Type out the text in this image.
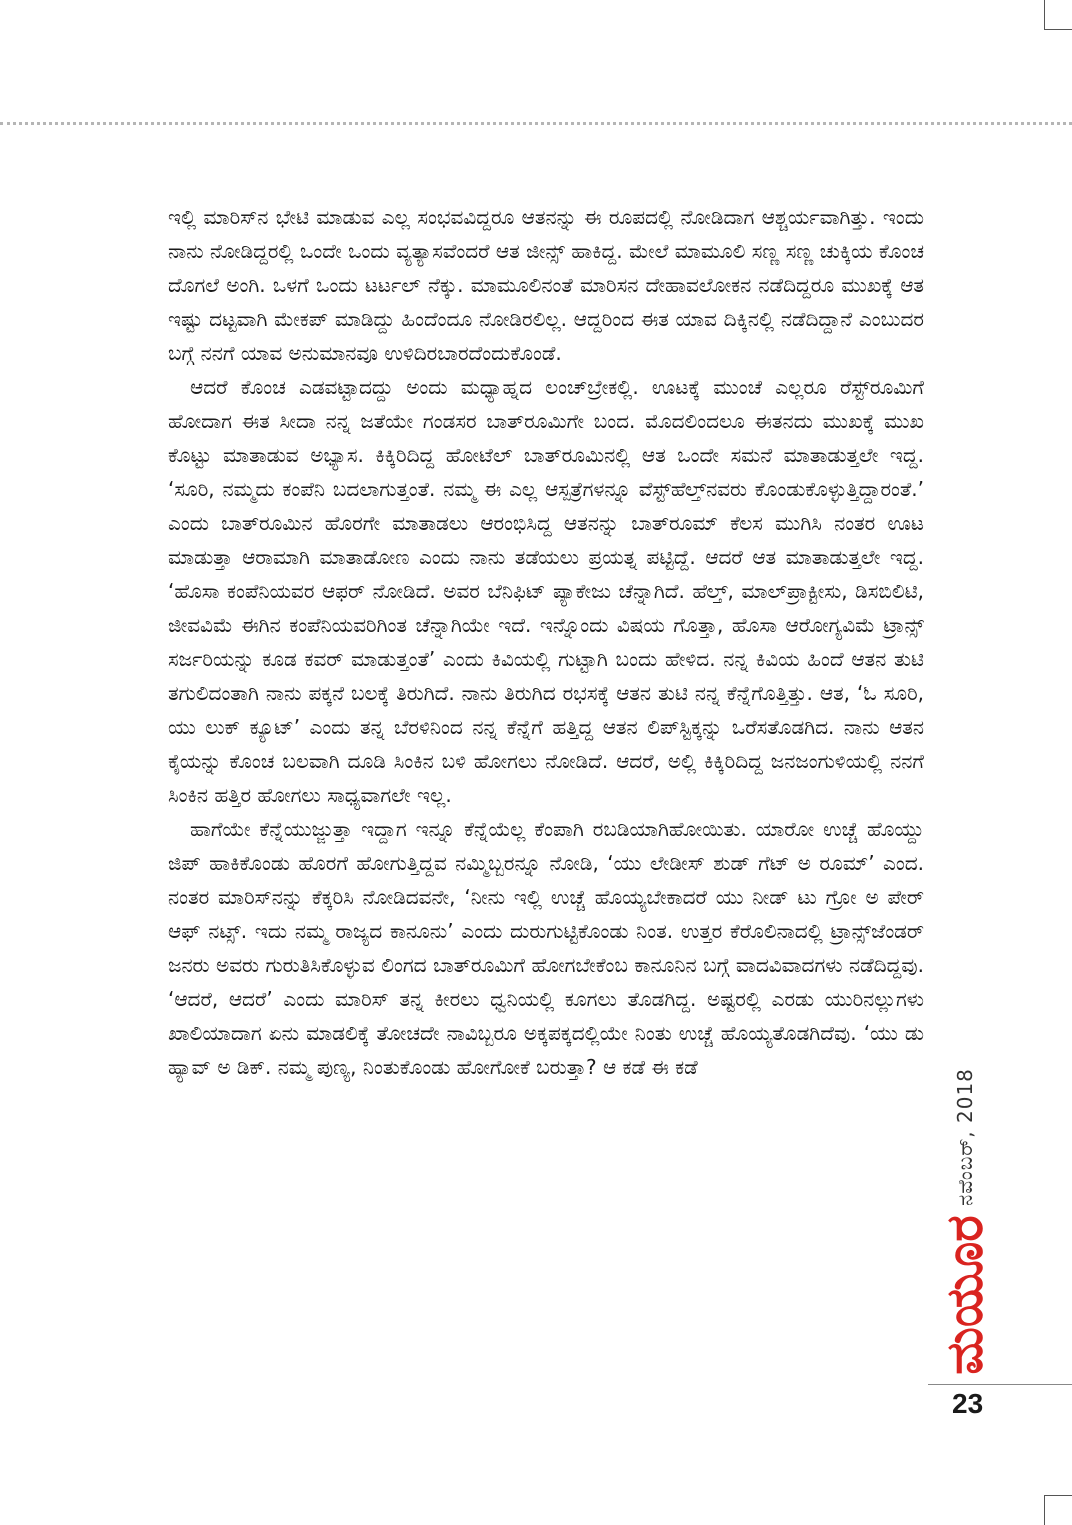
ಇಲ್ಲಿ ಮಾರಿಸ್‌ನ ಭೇಟಿ ಮಾಡುವ ಎಲ್ಲ ಸಂಭವವಿದ್ದರೂ ಆತನನ್ನು ಈ ರೂಪದಲ್ಲಿ ನೋಡಿದಾಗ ಆಶ್ಚರ್ಯವಾಗಿತ್ತು. ಇಂದು ನಾನು ನೋಡಿದ್ದರಲ್ಲಿ ಒಂದೇ ಒಂದು ವ್ಯತ್ಯಾಸವೆಂದರೆ ಆತ ಜೀನ್ಸ್ ಹಾಕಿದ್ದ. ಮೇಲೆ ಮಾಮೂಲಿ ಸಣ್ಣ ಸಣ್ಣ ಚುಕ್ಕಿಯ ಕೊಂಚ ದೊಗಲೆ ಅಂಗಿ. ಒಳಗೆ ಒಂದು ಟರ್ಟಲ್ ನೆಕ್ಕು. ಮಾಮೂಲಿನಂತೆ ಮಾರಿಸನ ದೇಹಾವಲೋಕನ ನಡೆದಿದ್ದರೂ ಮುಖಕ್ಕೆ ಆತ ಇಷ್ಟು ದಟ್ಟವಾಗಿ ಮೇಕಪ್ ಮಾಡಿದ್ದು ಹಿಂದೆಂದೂ ನೋಡಿರಲಿಲ್ಲ. ಆದ್ದರಿಂದ ಈತ ಯಾವ ದಿಕ್ಕಿನಲ್ಲಿ ನಡೆದಿದ್ದಾನೆ ಎಂಬುದರ ಬಗ್ಗೆ ನನಗೆ ಯಾವ ಅನುಮಾನವೂ ಉಳಿದಿರಬಾರದೆಂದುಕೊಂಡೆ.

ಆದರೆ ಕೊಂಚ ಎಡವಟ್ಟಾದದ್ದು ಅಂದು ಮಧ್ಯಾಹ್ನದ ಲಂಚ್‌ಬ್ರೇಕಲ್ಲಿ. ಊಟಕ್ಕೆ ಮುಂಚೆ ಎಲ್ಲರೂ ರೆಸ್ಟ್‌ರೂಮಿಗೆ ಹೋದಾಗ ಈತ ಸೀದಾ ನನ್ನ ಜತೆಯೇ ಗಂಡಸರ ಬಾತ್‌ರೂಮಿಗೇ ಬಂದ. ಮೊದಲಿಂದಲೂ ಈತನದು ಮುಖಕ್ಕೆ ಮುಖ ಕೊಟ್ಟು ಮಾತಾಡುವ ಅಭ್ಯಾಸ. ಕಿಕ್ಕಿರಿದಿದ್ದ ಹೋಟೆಲ್ ಬಾತ್‌ರೂಮಿನಲ್ಲಿ ಆತ ಒಂದೇ ಸಮನೆ ಮಾತಾಡುತ್ತಲೇ ಇದ್ದ. ‘ಸೂರಿ, ನಮ್ಮದು ಕಂಪೆನಿ ಬದಲಾಗುತ್ತಂತೆ. ನಮ್ಮ ಈ ಎಲ್ಲ ಆಸ್ಪತ್ರೆಗಳನ್ನೂ ವೆಸ್ಟ್‌ಹೆಲ್ತ್‌ನವರು ಕೊಂಡುಕೊಳ್ಳುತ್ತಿದ್ದಾರಂತೆ.’ ಎಂದು ಬಾತ್‌ರೂಮಿನ ಹೊರಗೇ ಮಾತಾಡಲು ಆರಂಭಿಸಿದ್ದ ಆತನನ್ನು ಬಾತ್‌ರೂಮ್ ಕೆಲಸ ಮುಗಿಸಿ ನಂತರ ಊಟ ಮಾಡುತ್ತಾ ಆರಾಮಾಗಿ ಮಾತಾಡೋಣ ಎಂದು ನಾನು ತಡೆಯಲು ಪ್ರಯತ್ನ ಪಟ್ಟಿದ್ದೆ. ಆದರೆ ಆತ ಮಾತಾಡುತ್ತಲೇ ಇದ್ದ. ‘ಹೊಸಾ ಕಂಪೆನಿಯವರ ಆಫರ್ ನೋಡಿದೆ. ಅವರ ಬೆನಿಫಿಟ್ ಪ್ಯಾಕೇಜು ಚೆನ್ನಾಗಿದೆ. ಹೆಲ್ತ್, ಮಾಲ್‌ಪ್ರಾಕ್ಟೀಸು, ಡಿಸಬಿಲಿಟಿ, ಜೀವವಿಮೆ ಈಗಿನ ಕಂಪೆನಿಯವರಿಗಿಂತ ಚೆನ್ನಾಗಿಯೇ ಇದೆ. ಇನ್ನೊಂದು ವಿಷಯ ಗೊತ್ತಾ, ಹೊಸಾ ಆರೋಗ್ಯವಿಮೆ ಟ್ರಾನ್ಸ್ ಸರ್ಜರಿಯನ್ನು ಕೂಡ ಕವರ್ ಮಾಡುತ್ತಂತೆ’ ಎಂದು ಕಿವಿಯಲ್ಲಿ ಗುಟ್ಟಾಗಿ ಬಂದು ಹೇಳಿದ. ನನ್ನ ಕಿವಿಯ ಹಿಂದೆ ಆತನ ತುಟಿ ತಗುಲಿದಂತಾಗಿ ನಾನು ಪಕ್ಕನೆ ಬಲಕ್ಕೆ ತಿರುಗಿದೆ. ನಾನು ತಿರುಗಿದ ರಭಸಕ್ಕೆ ಆತನ ತುಟಿ ನನ್ನ ಕೆನ್ನೆಗೊತ್ತಿತ್ತು. ಆತ, ‘ಓ ಸೂರಿ, ಯು ಲುಕ್ ಕ್ಯೂಟ್’ ಎಂದು ತನ್ನ ಬೆರಳಿನಿಂದ ನನ್ನ ಕೆನ್ನೆಗೆ ಹತ್ತಿದ್ದ ಆತನ ಲಿಪ್‌ಸ್ಟಿಕ್ಕನ್ನು ಒರೆಸತೊಡಗಿದ. ನಾನು ಆತನ ಕೈಯನ್ನು ಕೊಂಚ ಬಲವಾಗಿ ದೂಡಿ ಸಿಂಕಿನ ಬಳಿ ಹೋಗಲು ನೋಡಿದೆ. ಆದರೆ, ಅಲ್ಲಿ ಕಿಕ್ಕಿರಿದಿದ್ದ ಜನಜಂಗುಳಿಯಲ್ಲಿ ನನಗೆ ಸಿಂಕಿನ ಹತ್ತಿರ ಹೋಗಲು ಸಾಧ್ಯವಾಗಲೇ ಇಲ್ಲ.

ಹಾಗೆಯೇ ಕೆನ್ನೆಯುಜ್ಜುತ್ತಾ ಇದ್ದಾಗ ಇನ್ನೂ ಕೆನ್ನೆಯೆಲ್ಲ ಕೆಂಪಾಗಿ ರಬಡಿಯಾಗಿಹೋಯಿತು. ಯಾರೋ ಉಚ್ಚೆ ಹೊಯ್ದು ಜಿಪ್ ಹಾಕಿಕೊಂಡು ಹೊರಗೆ ಹೋಗುತ್ತಿದ್ದವ ನಮ್ಮಿಬ್ಬರನ್ನೂ ನೋಡಿ, ‘ಯು ಲೇಡೀಸ್ ಶುಡ್ ಗೆಟ್ ಅ ರೂಮ್’ ಎಂದ. ನಂತರ ಮಾರಿಸ್‌ನನ್ನು ಕೆಕ್ಕರಿಸಿ ನೋಡಿದವನೇ, ‘ನೀನು ಇಲ್ಲಿ ಉಚ್ಚೆ ಹೊಯ್ಯಬೇಕಾದರೆ ಯು ನೀಡ್ ಟು ಗ್ರೋ ಅ ಪೇರ್ ಆಫ್ ನಟ್ಸ್. ಇದು ನಮ್ಮ ರಾಜ್ಯದ ಕಾನೂನು’ ಎಂದು ದುರುಗುಟ್ಟಿಕೊಂಡು ನಿಂತ. ಉತ್ತರ ಕೆರೊಲಿನಾದಲ್ಲಿ ಟ್ರಾನ್ಸ್‌ಜೆಂಡರ್ ಜನರು ಅವರು ಗುರುತಿಸಿಕೊಳ್ಳುವ ಲಿಂಗದ ಬಾತ್‌ರೂಮಿಗೆ ಹೋಗಬೇಕೆಂಬ ಕಾನೂನಿನ ಬಗ್ಗೆ ವಾದವಿವಾದಗಳು ನಡೆದಿದ್ದವು. ‘ಆದರೆ, ಆದರೆ’ ಎಂದು ಮಾರಿಸ್ ತನ್ನ ಕೀರಲು ಧ್ವನಿಯಲ್ಲಿ ಕೂಗಲು ತೊಡಗಿದ್ದ. ಅಷ್ಟರಲ್ಲಿ ಎರಡು ಯುರಿನಲ್ಲುಗಳು ಖಾಲಿಯಾದಾಗ ಏನು ಮಾಡಲಿಕ್ಕೆ ತೋಚದೇ ನಾವಿಬ್ಬರೂ ಅಕ್ಕಪಕ್ಕದಲ್ಲಿಯೇ ನಿಂತು ಉಚ್ಚೆ ಹೊಯ್ಯತೊಡಗಿದೆವು. ‘ಯು ಡು ಹ್ಯಾವ್ ಅ ಡಿಕ್. ನಮ್ಮ ಪುಣ್ಯ, ನಿಂತುಕೊಂಡು ಹೋಗೋಕೆ ಬರುತ್ತಾ? ಆ ಕಡೆ ಈ ಕಡೆ

ನವೆಂಬರ್, 2018
ಮಯೂರ
23
